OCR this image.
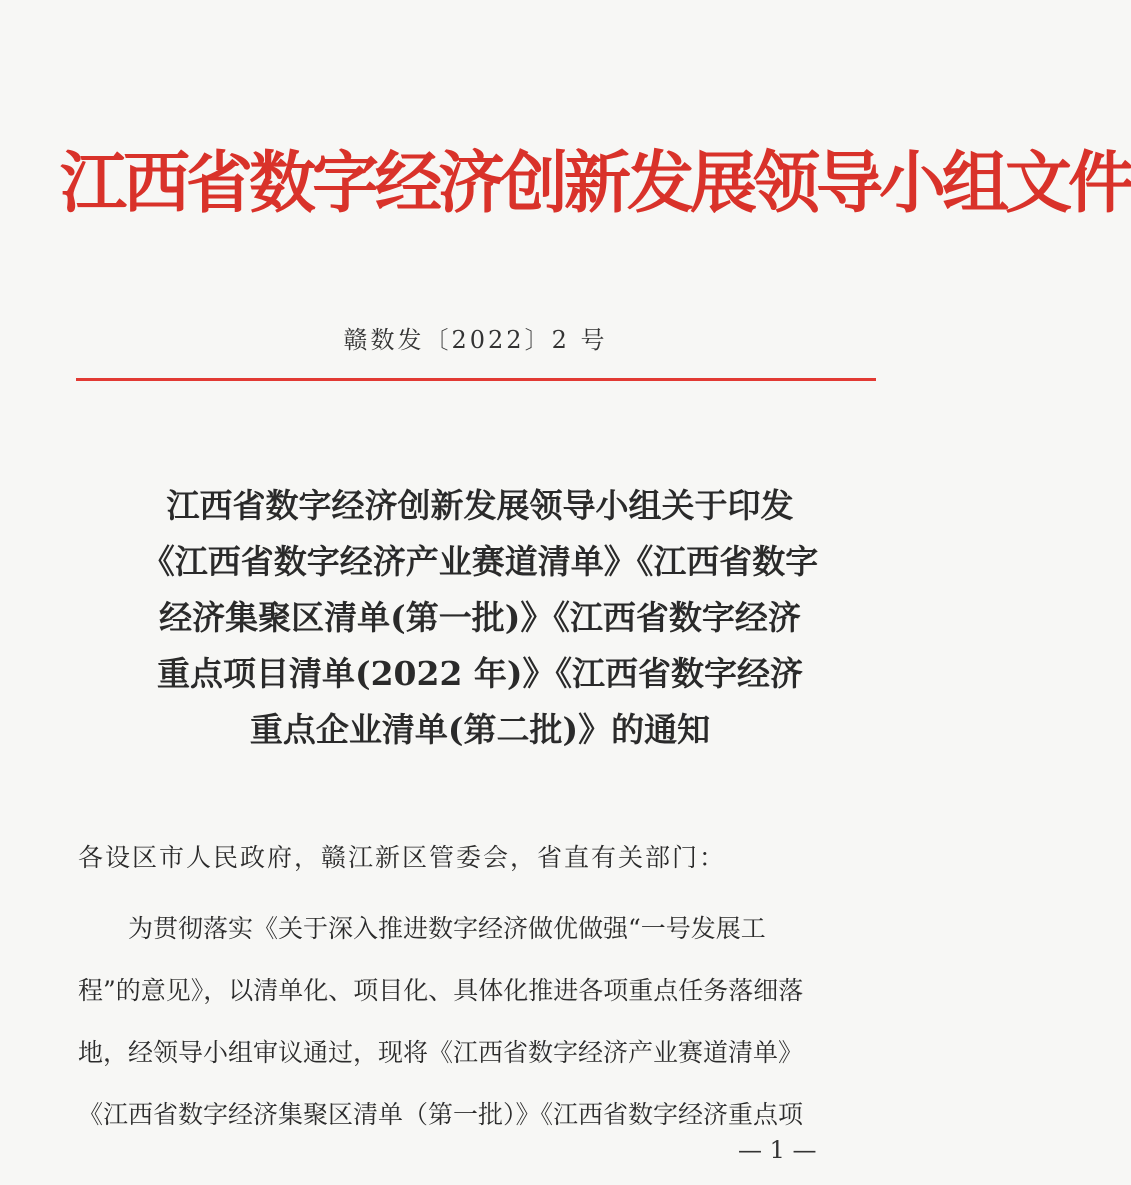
江西省数字经济创新发展领导小组文件
赣数发〔2022〕2 号
江西省数字经济创新发展领导小组关于印发
《江西省数字经济产业赛道清单》《江西省数字
经济集聚区清单(第一批)》《江西省数字经济
重点项目清单(2022 年)》《江西省数字经济
重点企业清单(第二批)》的通知
各设区市人民政府，赣江新区管委会，省直有关部门：
为贯彻落实《关于深入推进数字经济做优做强“一号发展工
程”的意见》，以清单化、项目化、具体化推进各项重点任务落细落
地，经领导小组审议通过，现将《江西省数字经济产业赛道清单》
《江西省数字经济集聚区清单（第一批）》《江西省数字经济重点项
— 1 —
